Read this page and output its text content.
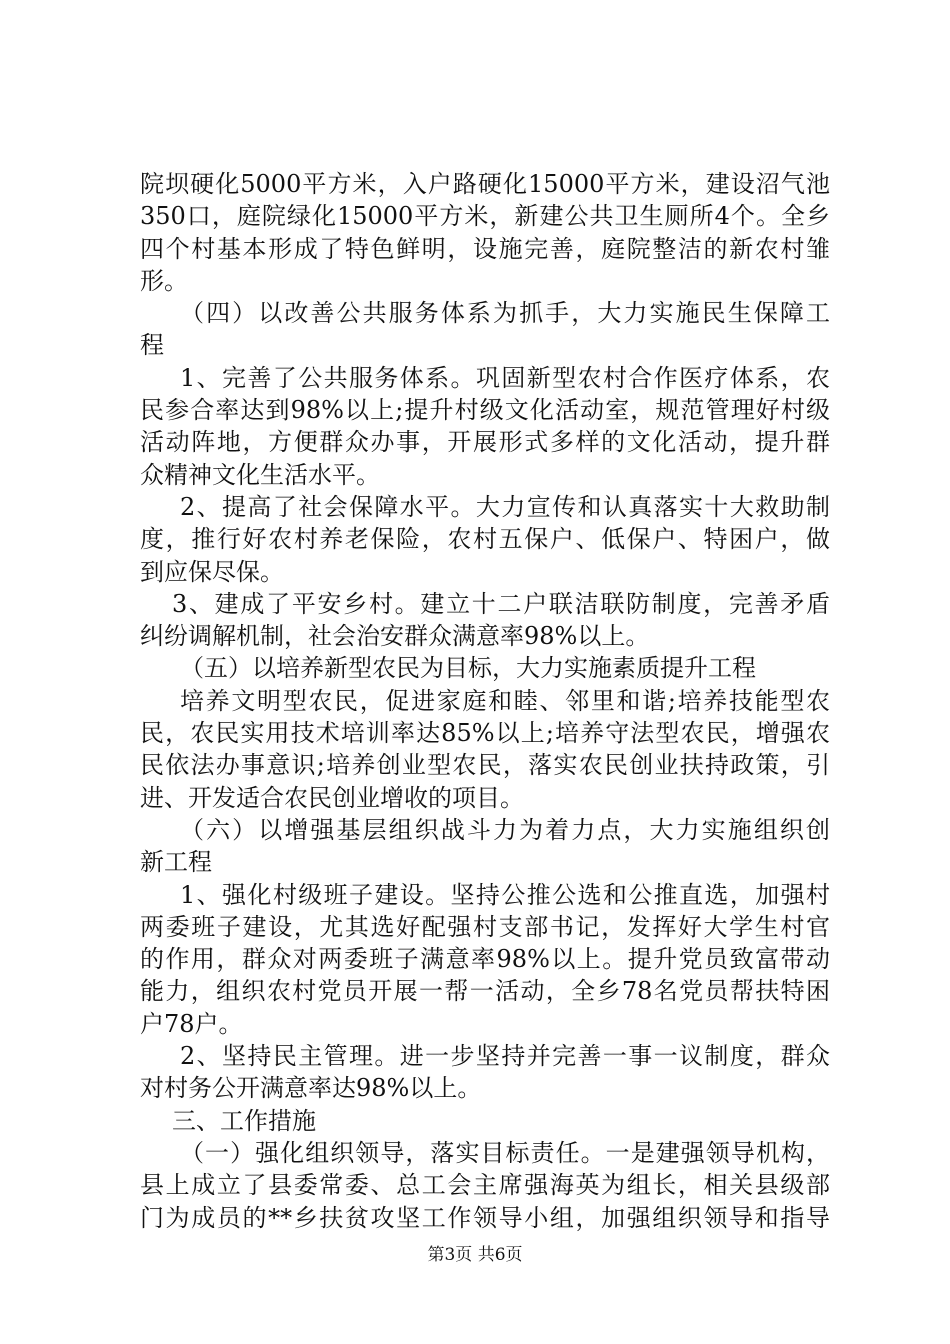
院坝硬化5000平方米，入户路硬化15000平方米，建设沼气池
350口，庭院绿化15000平方米，新建公共卫生厕所4个。全乡
四个村基本形成了特色鲜明，设施完善，庭院整洁的新农村雏
形。
（四）以改善公共服务体系为抓手，大力实施民生保障工
程
1、完善了公共服务体系。巩固新型农村合作医疗体系，农
民参合率达到98%以上;提升村级文化活动室，规范管理好村级
活动阵地，方便群众办事，开展形式多样的文化活动，提升群
众精神文化生活水平。
2、提高了社会保障水平。大力宣传和认真落实十大救助制
度，推行好农村养老保险，农村五保户、低保户、特困户，做
到应保尽保。
3、建成了平安乡村。建立十二户联洁联防制度，完善矛盾
纠纷调解机制，社会治安群众满意率98%以上。
（五）以培养新型农民为目标，大力实施素质提升工程
培养文明型农民，促进家庭和睦、邻里和谐;培养技能型农
民，农民实用技术培训率达85%以上;培养守法型农民，增强农
民依法办事意识;培养创业型农民，落实农民创业扶持政策，引
进、开发适合农民创业增收的项目。
（六）以增强基层组织战斗力为着力点，大力实施组织创
新工程
1、强化村级班子建设。坚持公推公选和公推直选，加强村
两委班子建设，尤其选好配强村支部书记，发挥好大学生村官
的作用，群众对两委班子满意率98%以上。提升党员致富带动
能力，组织农村党员开展一帮一活动，全乡78名党员帮扶特困
户78户。
2、坚持民主管理。进一步坚持并完善一事一议制度，群众
对村务公开满意率达98%以上。
三、工作措施
（一）强化组织领导，落实目标责任。一是建强领导机构，
县上成立了县委常委、总工会主席强海英为组长，相关县级部
门为成员的**乡扶贫攻坚工作领导小组，加强组织领导和指导
第3页 共6页
